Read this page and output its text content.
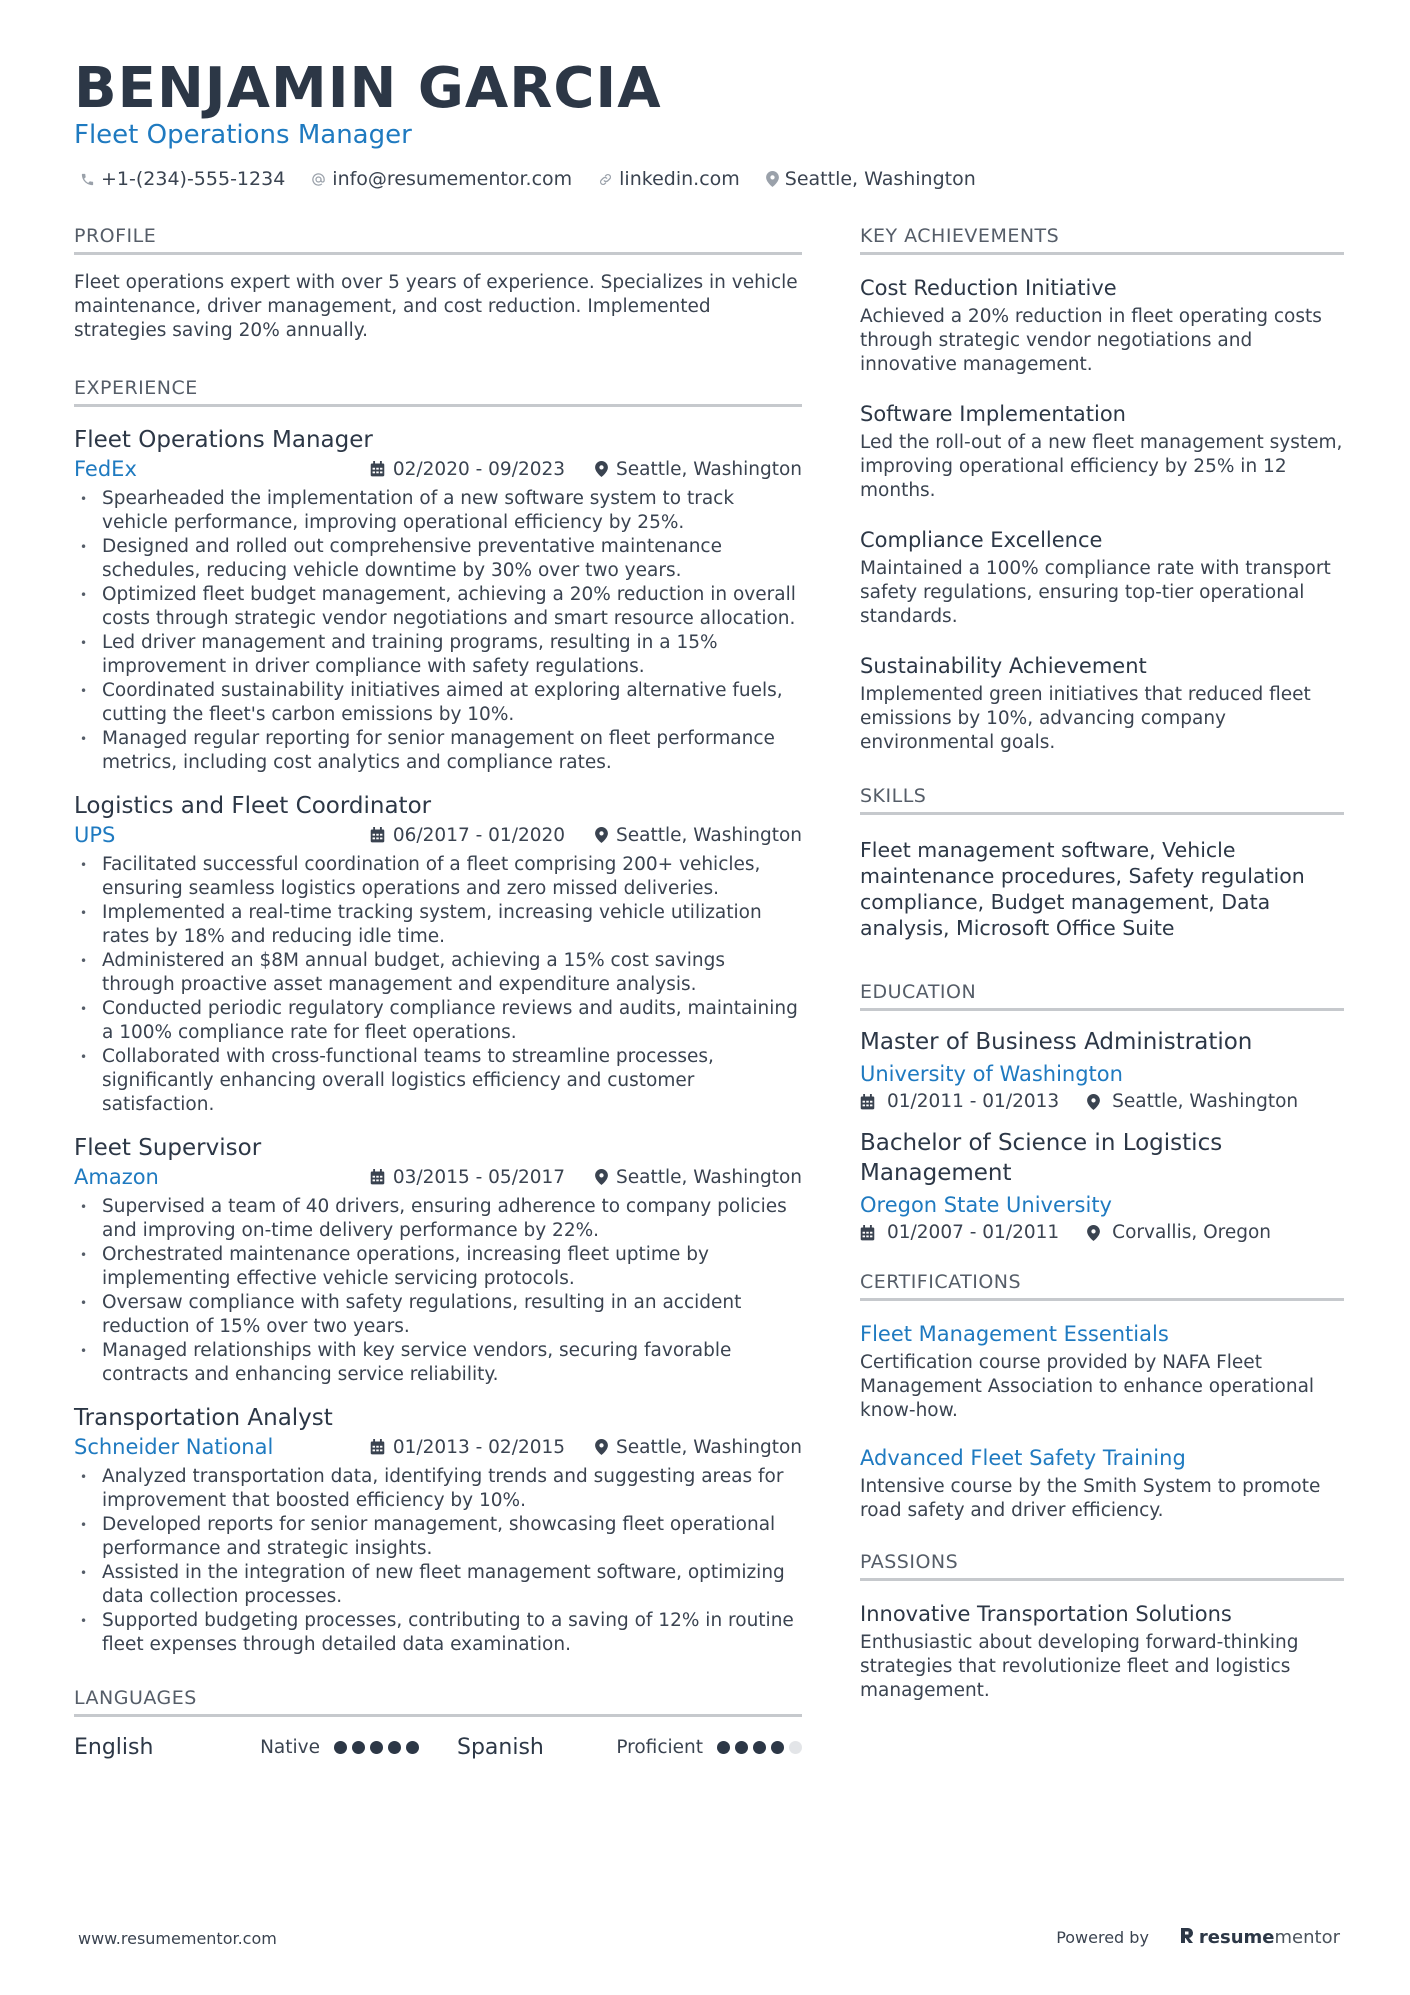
BENJAMIN GARCIA
Fleet Operations Manager
+1-(234)-555-1234 info@resumementor.com linkedin.com Seattle, Washington
PROFILE
Fleet operations expert with over 5 years of experience. Specializes in vehicle maintenance, driver management, and cost reduction. Implemented strategies saving 20% annually.
EXPERIENCE
Fleet Operations Manager
FedEx	02/2020 - 09/2023	Seattle, Washington
• Spearheaded the implementation of a new software system to track vehicle performance, improving operational efficiency by 25%.
• Designed and rolled out comprehensive preventative maintenance schedules, reducing vehicle downtime by 30% over two years.
• Optimized fleet budget management, achieving a 20% reduction in overall costs through strategic vendor negotiations and smart resource allocation.
• Led driver management and training programs, resulting in a 15% improvement in driver compliance with safety regulations.
• Coordinated sustainability initiatives aimed at exploring alternative fuels, cutting the fleet's carbon emissions by 10%.
• Managed regular reporting for senior management on fleet performance metrics, including cost analytics and compliance rates.
Logistics and Fleet Coordinator
UPS	06/2017 - 01/2020	Seattle, Washington
• Facilitated successful coordination of a fleet comprising 200+ vehicles, ensuring seamless logistics operations and zero missed deliveries.
• Implemented a real-time tracking system, increasing vehicle utilization rates by 18% and reducing idle time.
• Administered an $8M annual budget, achieving a 15% cost savings through proactive asset management and expenditure analysis.
• Conducted periodic regulatory compliance reviews and audits, maintaining a 100% compliance rate for fleet operations.
• Collaborated with cross-functional teams to streamline processes, significantly enhancing overall logistics efficiency and customer satisfaction.
Fleet Supervisor
Amazon	03/2015 - 05/2017	Seattle, Washington
• Supervised a team of 40 drivers, ensuring adherence to company policies and improving on-time delivery performance by 22%.
• Orchestrated maintenance operations, increasing fleet uptime by implementing effective vehicle servicing protocols.
• Oversaw compliance with safety regulations, resulting in an accident reduction of 15% over two years.
• Managed relationships with key service vendors, securing favorable contracts and enhancing service reliability.
Transportation Analyst
Schneider National	01/2013 - 02/2015	Seattle, Washington
• Analyzed transportation data, identifying trends and suggesting areas for improvement that boosted efficiency by 10%.
• Developed reports for senior management, showcasing fleet operational performance and strategic insights.
• Assisted in the integration of new fleet management software, optimizing data collection processes.
• Supported budgeting processes, contributing to a saving of 12% in routine fleet expenses through detailed data examination.
LANGUAGES
English	Native	Spanish	Proficient
KEY ACHIEVEMENTS
Cost Reduction Initiative
Achieved a 20% reduction in fleet operating costs through strategic vendor negotiations and innovative management.
Software Implementation
Led the roll-out of a new fleet management system, improving operational efficiency by 25% in 12 months.
Compliance Excellence
Maintained a 100% compliance rate with transport safety regulations, ensuring top-tier operational standards.
Sustainability Achievement
Implemented green initiatives that reduced fleet emissions by 10%, advancing company environmental goals.
SKILLS
Fleet management software, Vehicle maintenance procedures, Safety regulation compliance, Budget management, Data analysis, Microsoft Office Suite
EDUCATION
Master of Business Administration
University of Washington
01/2011 - 01/2013	Seattle, Washington
Bachelor of Science in Logistics Management
Oregon State University
01/2007 - 01/2011	Corvallis, Oregon
CERTIFICATIONS
Fleet Management Essentials
Certification course provided by NAFA Fleet Management Association to enhance operational know-how.
Advanced Fleet Safety Training
Intensive course by the Smith System to promote road safety and driver efficiency.
PASSIONS
Innovative Transportation Solutions
Enthusiastic about developing forward-thinking strategies that revolutionize fleet and logistics management.
www.resumementor.com	Powered by	resume mentor
